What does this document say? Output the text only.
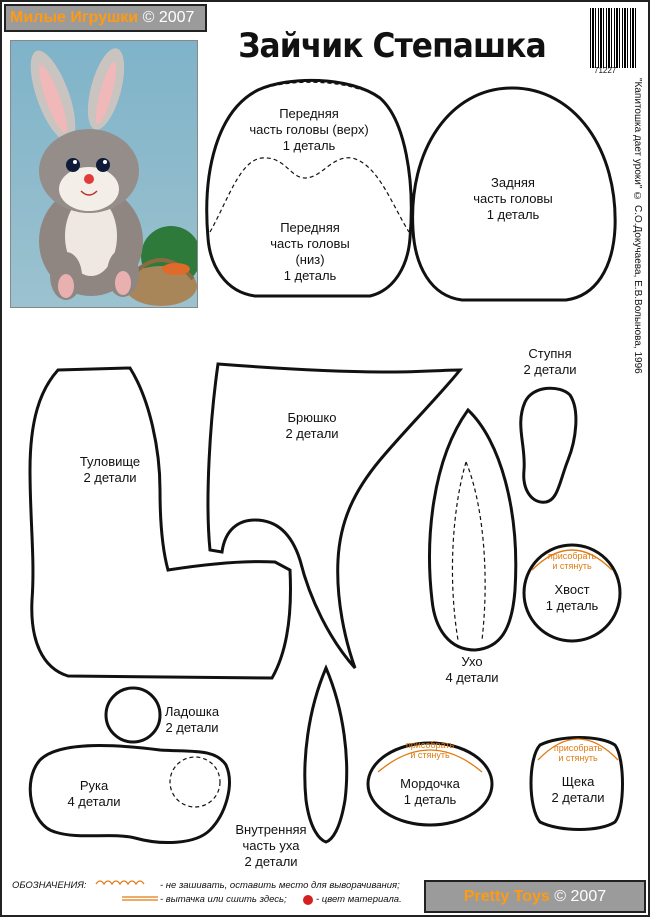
Милые Игрушки © 2007
Зайчик Степашка
71227
"Капитошка дает уроки" © С.О.Докучаева, Е.В.Волынова, 1996
Передняя
часть головы (верх)
1 деталь
Передняя
часть головы
(низ)
1 деталь
Задняя
часть головы
1 деталь
Туловище
2 детали
Брюшко
2 детали
Ступня
2 детали
Ухо
4 детали
присобрать
и стянуть
Хвост
1 деталь
Ладошка
2 детали
Рука
4 детали
Внутренняя
часть уха
2 детали
присобрать
и стянуть
Мордочка
1 деталь
присобрать
и стянуть
Щека
2 детали
ОБОЗНАЧЕНИЯ:	- не зашивать, оставить место для выворачивания;
- вытачка или сшить здесь;	- цвет материала.	Pretty Toys © 2007
